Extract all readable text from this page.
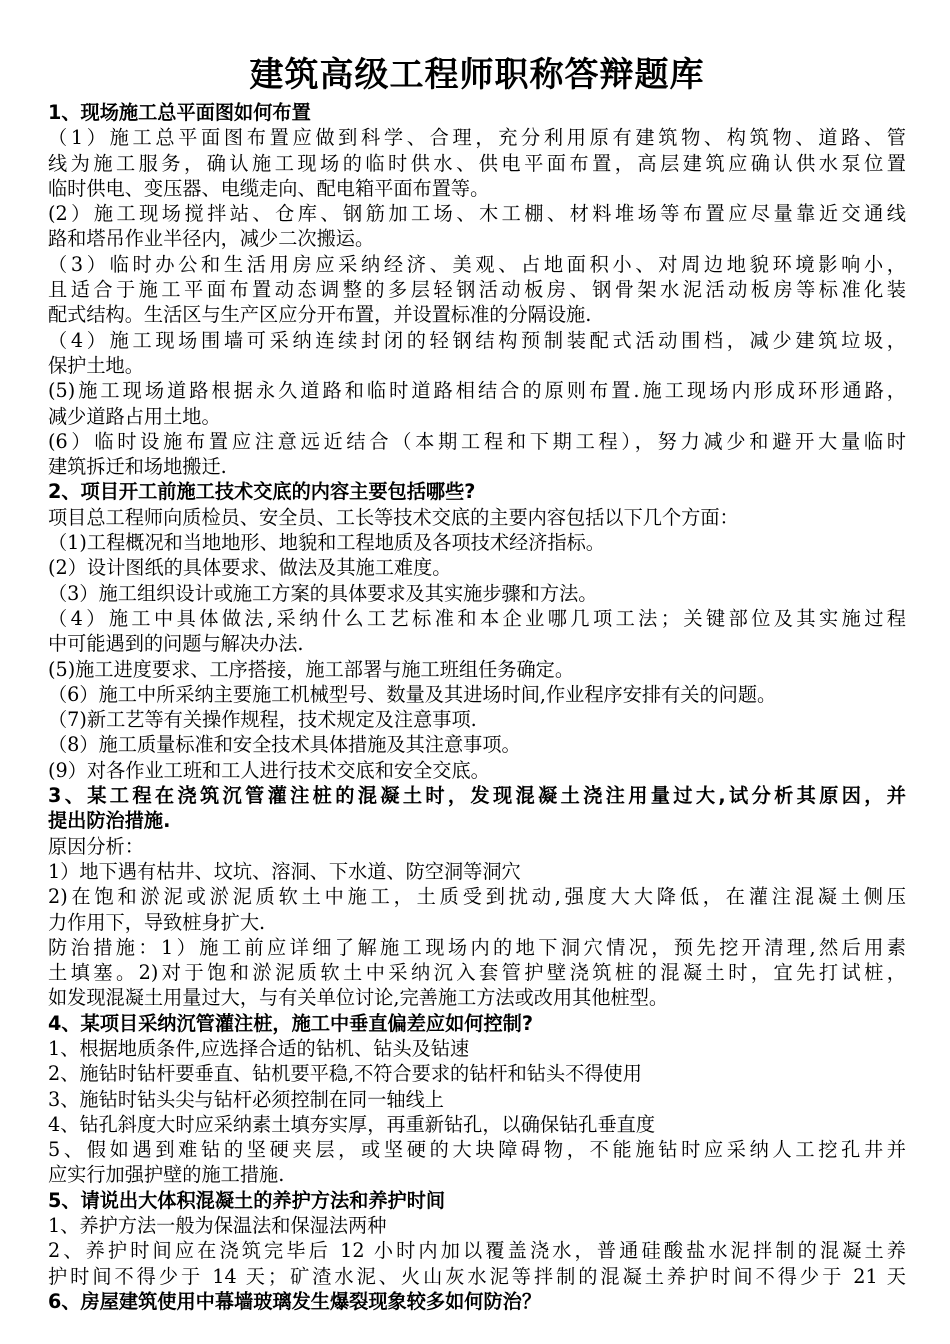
建筑高级工程师职称答辩题库
1、现场施工总平面图如何布置
（1）施工总平面图布置应做到科学、合理，充分利用原有建筑物、构筑物、道路、管
线为施工服务，确认施工现场的临时供水、供电平面布置，高层建筑应确认供水泵位置
临时供电、变压器、电缆走向、配电箱平面布置等。
(2）施工现场搅拌站、仓库、钢筋加工场、木工棚、材料堆场等布置应尽量靠近交通线
路和塔吊作业半径内，减少二次搬运。
（3）临时办公和生活用房应采纳经济、美观、占地面积小、对周边地貌环境影响小，
且适合于施工平面布置动态调整的多层轻钢活动板房、钢骨架水泥活动板房等标准化装
配式结构。生活区与生产区应分开布置，并设置标准的分隔设施.
（4）施工现场围墙可采纳连续封闭的轻钢结构预制装配式活动围档，减少建筑垃圾，
保护土地。
(5)施工现场道路根据永久道路和临时道路相结合的原则布置.施工现场内形成环形通路，
减少道路占用土地。
(6）临时设施布置应注意远近结合（本期工程和下期工程），努力减少和避开大量临时
建筑拆迁和场地搬迁.
2、项目开工前施工技术交底的内容主要包括哪些?
项目总工程师向质检员、安全员、工长等技术交底的主要内容包括以下几个方面：
（1)工程概况和当地地形、地貌和工程地质及各项技术经济指标。
(2）设计图纸的具体要求、做法及其施工难度。
（3）施工组织设计或施工方案的具体要求及其实施步骤和方法。
（4）施工中具体做法,采纳什么工艺标准和本企业哪几项工法；关键部位及其实施过程
中可能遇到的问题与解决办法.
(5)施工进度要求、工序搭接，施工部署与施工班组任务确定。
（6）施工中所采纳主要施工机械型号、数量及其进场时间,作业程序安排有关的问题。
（7)新工艺等有关操作规程，技术规定及注意事项.
（8）施工质量标准和安全技术具体措施及其注意事项。
(9）对各作业工班和工人进行技术交底和安全交底。
3、某工程在浇筑沉管灌注桩的混凝土时，发现混凝土浇注用量过大,试分析其原因，并
提出防治措施.
原因分析：
1）地下遇有枯井、坟坑、溶洞、下水道、防空洞等洞穴
2)在饱和淤泥或淤泥质软土中施工，土质受到扰动,强度大大降低，在灌注混凝土侧压
力作用下，导致桩身扩大.
防治措施：1）施工前应详细了解施工现场内的地下洞穴情况，预先挖开清理,然后用素
土填塞。2)对于饱和淤泥质软土中采纳沉入套管护壁浇筑桩的混凝土时，宜先打试桩，
如发现混凝土用量过大，与有关单位讨论,完善施工方法或改用其他桩型。
4、某项目采纳沉管灌注桩，施工中垂直偏差应如何控制?
1、根据地质条件,应选择合适的钻机、钻头及钻速
2、施钻时钻杆要垂直、钻机要平稳,不符合要求的钻杆和钻头不得使用
3、施钻时钻头尖与钻杆必须控制在同一轴线上
4、钻孔斜度大时应采纳素土填夯实厚，再重新钻孔，以确保钻孔垂直度
5、假如遇到难钻的坚硬夹层，或坚硬的大块障碍物，不能施钻时应采纳人工挖孔井并
应实行加强护壁的施工措施.
5、请说出大体积混凝土的养护方法和养护时间
1、养护方法一般为保温法和保湿法两种
2、养护时间应在浇筑完毕后 12 小时内加以覆盖浇水，普通硅酸盐水泥拌制的混凝土养
护时间不得少于 14 天；矿渣水泥、火山灰水泥等拌制的混凝土养护时间不得少于 21 天
6、房屋建筑使用中幕墙玻璃发生爆裂现象较多如何防治？
